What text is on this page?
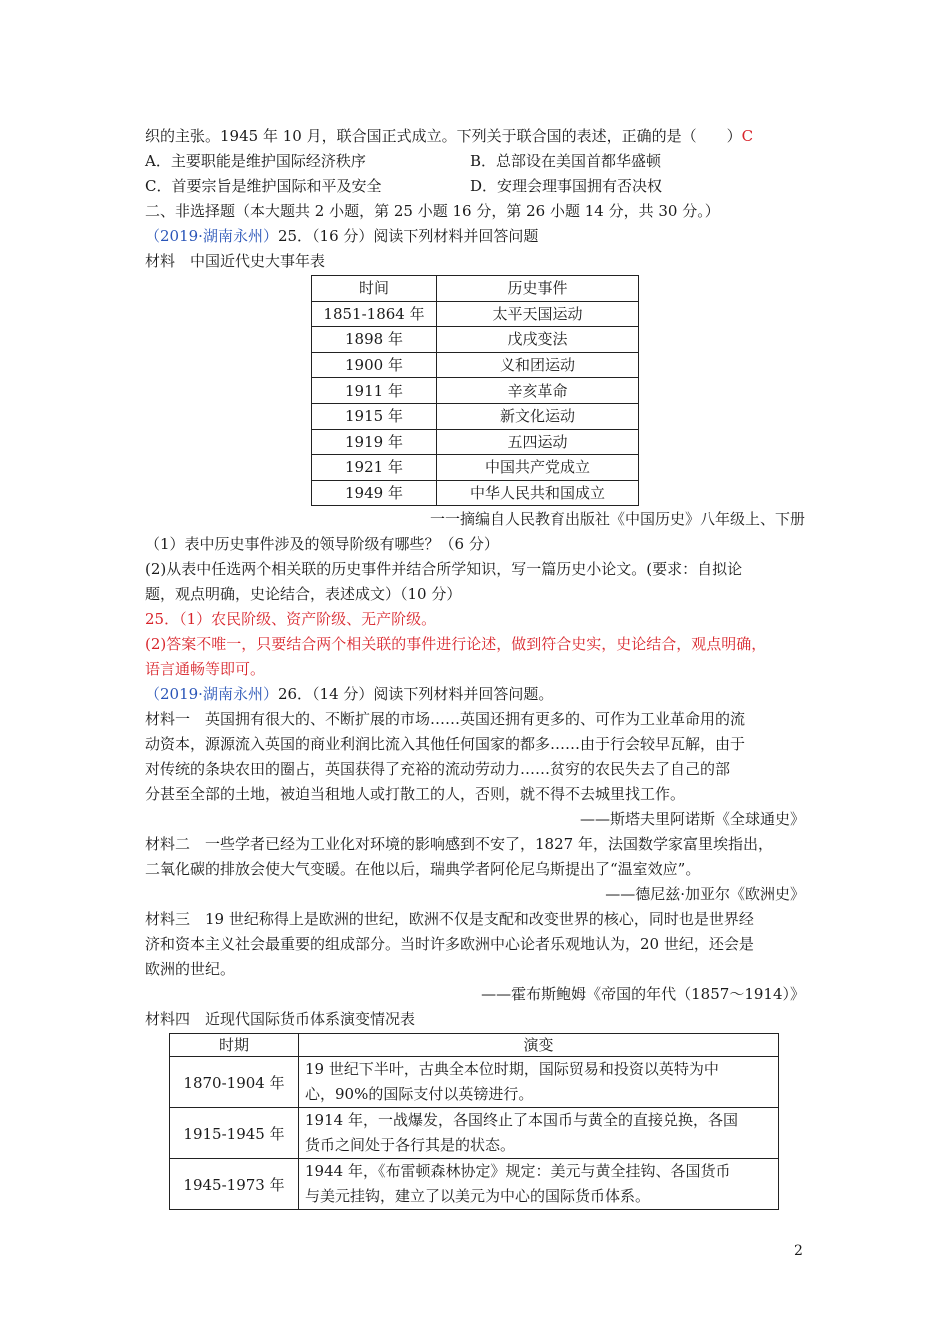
织的主张。1945 年 10 月，联合国正式成立。下列关于联合国的表述，正确的是（　　）C
A．主要职能是维护国际经济秩序	B．总部设在美国首都华盛顿
C．首要宗旨是维护国际和平及安全	D．安理会理事国拥有否决权
二、非选择题（本大题共 2 小题，第 25 小题 16 分，第 26 小题 14 分，共 30 分。）
（2019·湖南永州）25．（16 分）阅读下列材料并回答问题
材料　中国近代史大事年表
时间	历史事件
1851-1864 年	太平天国运动
1898 年	戊戌变法
1900 年	义和团运动
1911 年	辛亥革命
1915 年	新文化运动
1919 年	五四运动
1921 年	中国共产党成立
1949 年	中华人民共和国成立
一一摘编自人民教育出版社《中国历史》八年级上、下册
（1）表中历史事件涉及的领导阶级有哪些？（6 分）
(2)从表中任选两个相关联的历史事件并结合所学知识，写一篇历史小论文。(要求：自拟论
题，观点明确，史论结合，表述成文）（10 分）
25．（1）农民阶级、资产阶级、无产阶级。
(2)答案不唯一，只要结合两个相关联的事件进行论述，做到符合史实，史论结合，观点明确，
语言通畅等即可。
（2019·湖南永州）26．（14 分）阅读下列材料并回答问题。
材料一　英国拥有很大的、不断扩展的市场……英国还拥有更多的、可作为工业革命用的流
动资本，源源流入英国的商业利润比流入其他任何国家的都多……由于行会较早瓦解，由于
对传统的条块农田的圈占，英国获得了充裕的流动劳动力……贫穷的农民失去了自己的部
分甚至全部的土地，被迫当租地人或打散工的人，否则，就不得不去城里找工作。
——斯塔夫里阿诺斯《全球通史》
材料二　一些学者已经为工业化对环境的影响感到不安了，1827 年，法国数学家富里埃指出，
二氧化碳的排放会使大气变暖。在他以后，瑞典学者阿伦尼乌斯提出了“温室效应”。
——德尼兹·加亚尔《欧洲史》
材料三　19 世纪称得上是欧洲的世纪，欧洲不仅是支配和改变世界的核心，同时也是世界经
济和资本主义社会最重要的组成部分。当时许多欧洲中心论者乐观地认为，20 世纪，还会是
欧洲的世纪。
——霍布斯鲍姆《帝国的年代（1857～1914）》
材料四　近现代国际货币体系演变情况表
时期	演变
1870-1904 年	19 世纪下半叶，古典全本位时期，国际贸易和投资以英特为中
心，90%的国际支付以英镑进行。

1915-1945 年	1914 年，一战爆发，各国终止了本国币与黄全的直接兑换，各国
货币之间处于各行其是的状态。

1945-1973 年	1944 年，《布雷顿森林协定》规定：美元与黄全挂钩、各国货币
与美元挂钩，建立了以美元为中心的国际货币体系。
2
